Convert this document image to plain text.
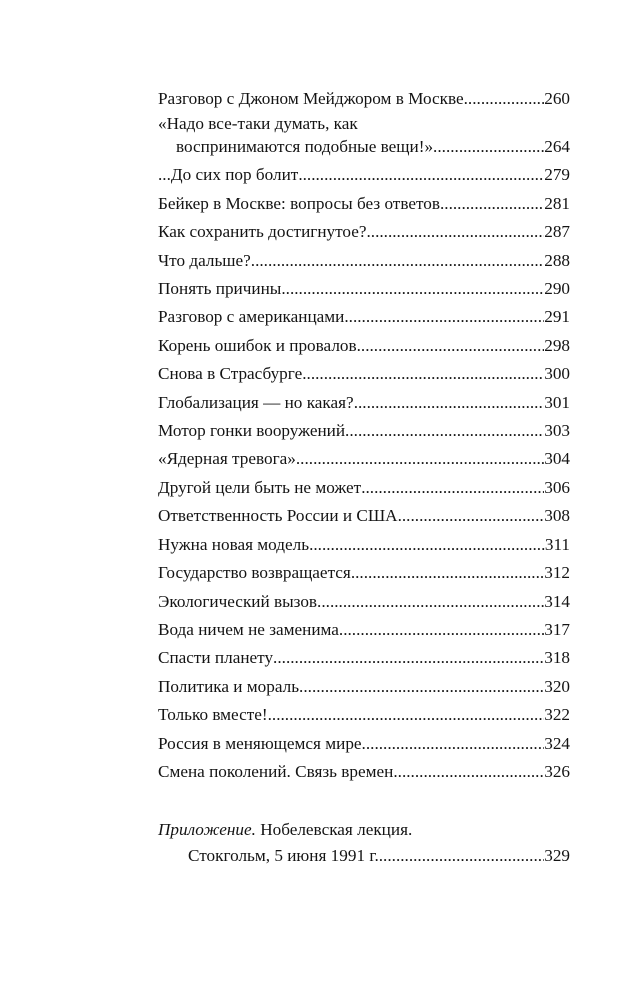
Разговор с Джоном Мейджором в Москве .....	260
«Надо все-таки думать, как
воспринимаются подобные вещи!» .....	264
...До сих пор болит .....	279
Бейкер в Москве: вопросы без ответов .....	281
Как сохранить достигнутое? .....	287
Что дальше? .....	288
Понять причины .....	290
Разговор с американцами .....	291
Корень ошибок и провалов .....	298
Снова в Страсбурге .....	300
Глобализация — но какая? .....	301
Мотор гонки вооружений .....	303
«Ядерная тревога» .....	304
Другой цели быть не может .....	306
Ответственность России и США .....	308
Нужна новая модель .....	311
Государство возвращается .....	312
Экологический вызов .....	314
Вода ничем не заменима .....	317
Спасти планету .....	318
Политика и мораль .....	320
Только вместе! .....	322
Россия в меняющемся мире .....	324
Смена поколений. Связь времен .....	326
Приложение. Нобелевская лекция.
Стокгольм, 5 июня 1991 г. .....	329
